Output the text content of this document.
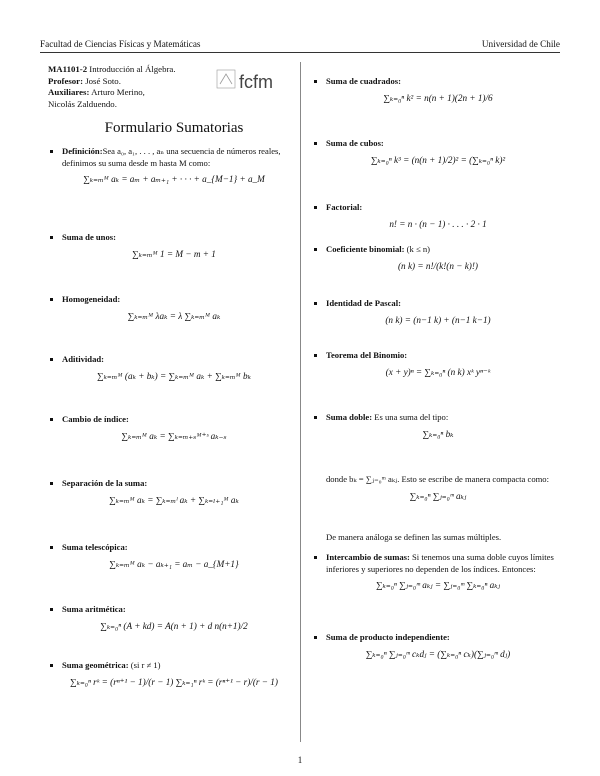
Facultad de Ciencias Físicas y Matemáticas	Universidad de Chile
MA1101-2 Introducción al Álgebra.
Profesor: José Soto.
Auxiliares: Arturo Merino,
Nicolás Zalduendo.
fcfm
Formulario Sumatorias
Definición:Sea a₀, a₁, . . . , aₙ una secuencia de números reales, definimos su suma desde m hasta M como:
∑ₖ₌ₘᴹ aₖ = aₘ + aₘ₊₁ + · · · + a_{M−1} + a_M
Suma de unos:
∑ₖ₌ₘᴹ 1 = M − m + 1
Homogeneidad:
∑ₖ₌ₘᴹ λaₖ = λ ∑ₖ₌ₘᴹ aₖ
Aditividad:
∑ₖ₌ₘᴹ (aₖ + bₖ) = ∑ₖ₌ₘᴹ aₖ + ∑ₖ₌ₘᴹ bₖ
Cambio de índice:
∑ₖ₌ₘᴹ aₖ = ∑ₖ₌ₘ₊ₛᴹ⁺ˢ aₖ₋ₛ
Separación de la suma:
∑ₖ₌ₘᴹ aₖ = ∑ₖ₌ₘˡ aₖ + ∑ₖ₌ₗ₊₁ᴹ aₖ
Suma telescópica:
∑ₖ₌ₘᴹ aₖ − aₖ₊₁ = aₘ − a_{M+1}
Suma aritmética:
∑ₖ₌₀ⁿ (A + kd) = A(n + 1) + d n(n+1)/2
Suma geométrica: (si r ≠ 1)
∑ₖ₌₀ⁿ rᵏ = (rⁿ⁺¹ − 1)/(r − 1) ∑ₖ₌₁ⁿ rᵏ = (rⁿ⁺¹ − r)/(r − 1)
Suma de cuadrados:
∑ₖ₌₀ⁿ k² = n(n + 1)(2n + 1)/6
Suma de cubos:
∑ₖ₌₀ⁿ k³ = (n(n + 1)/2)² = (∑ₖ₌₀ⁿ k)²
Factorial:
n! = n · (n − 1) · . . . · 2 · 1
Coeficiente binomial: (k ≤ n)
(n k) = n!/(k!(n − k)!)
Identidad de Pascal:
(n k) = (n−1 k) + (n−1 k−1)
Teorema del Binomio:
(x + y)ⁿ = ∑ₖ₌₀ⁿ (n k) xᵏ yⁿ⁻ᵏ
Suma doble: Es una suma del tipo:
∑ₖ₌₀ⁿ bₖ
donde bₖ = ∑ⱼ₌₀ᵐ aₖⱼ. Esto se escribe de manera compacta como:
∑ₖ₌₀ⁿ ∑ⱼ₌₀ᵐ aₖⱼ
De manera análoga se definen las sumas múltiples.
Intercambio de sumas: Si tenemos una suma doble cuyos límites inferiores y superiores no dependen de los índices. Entonces:
∑ₖ₌₀ⁿ ∑ⱼ₌₀ᵐ aₖⱼ = ∑ⱼ₌₀ᵐ ∑ₖ₌₀ⁿ aₖⱼ
Suma de producto independiente:
∑ₖ₌₀ⁿ ∑ⱼ₌₀ᵐ cₖdⱼ = (∑ₖ₌₀ⁿ cₖ)(∑ⱼ₌₀ᵐ dⱼ)
1
